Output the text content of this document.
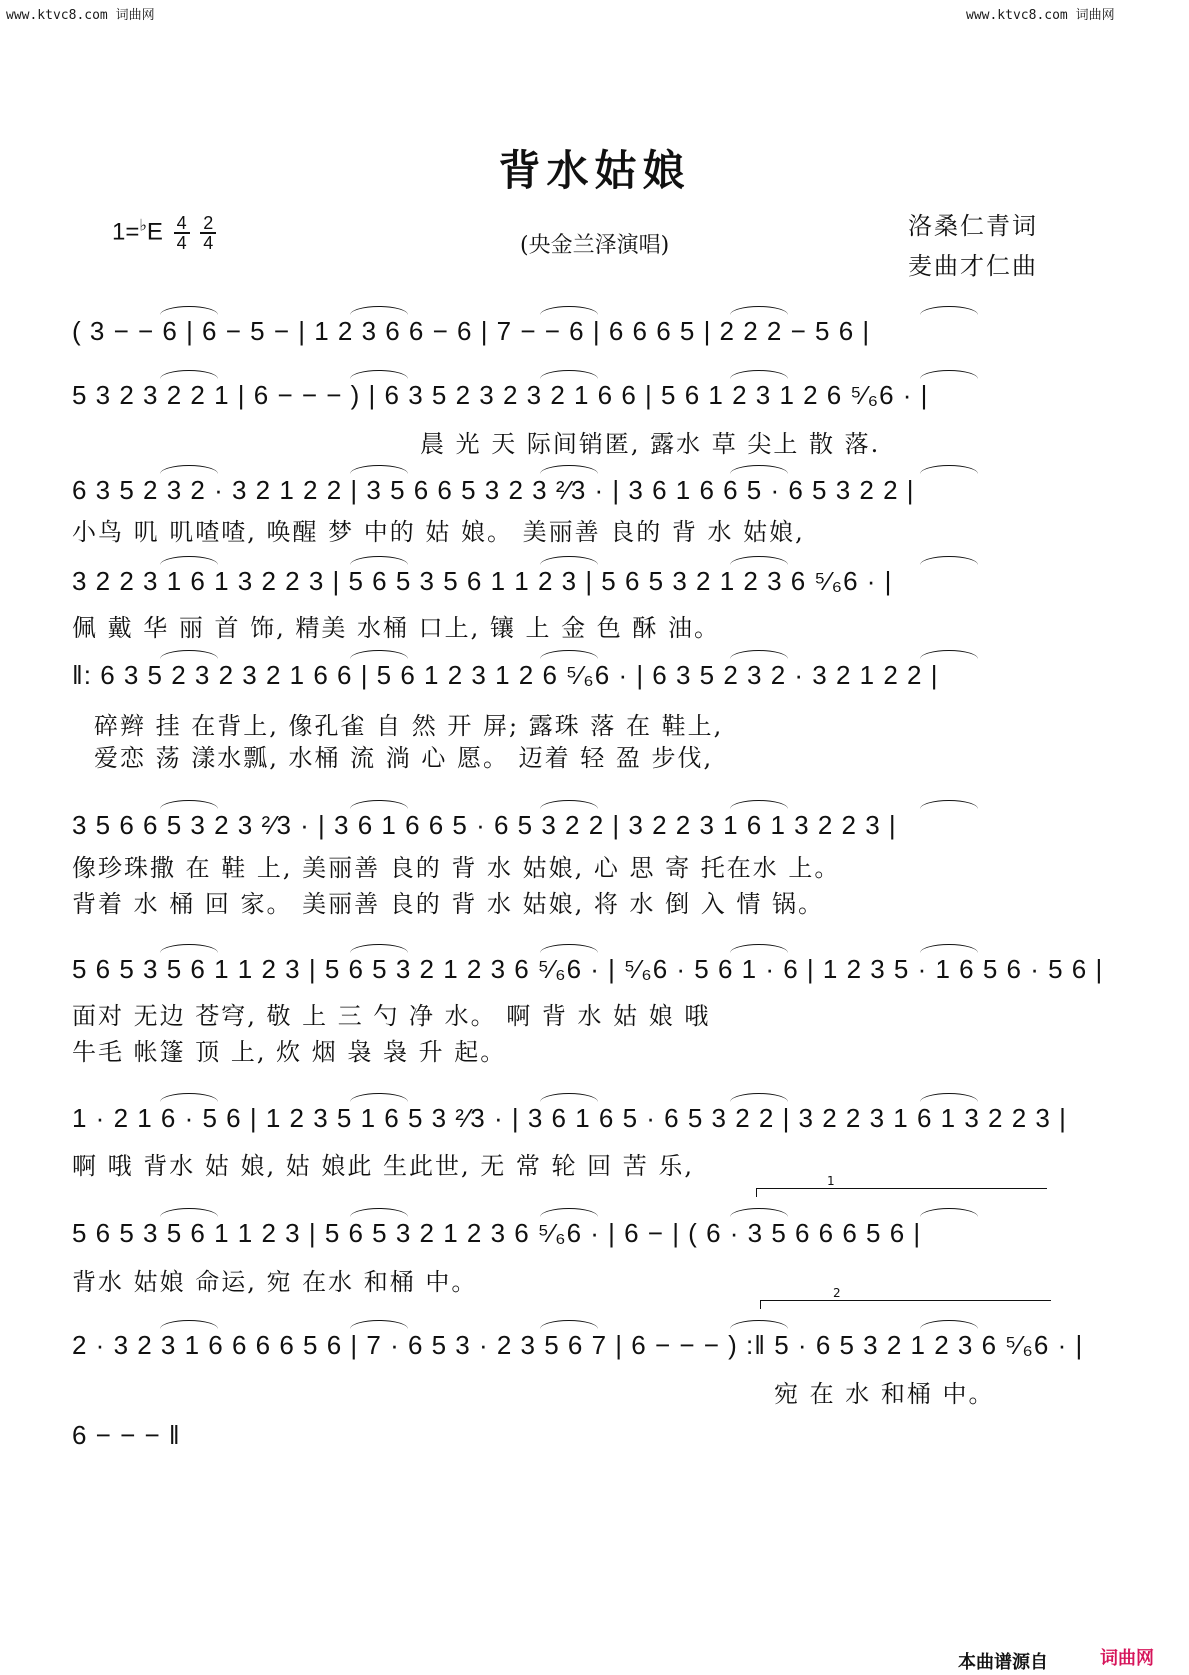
www.ktvc8.com 词曲网	www.ktvc8.com 词曲网
背水姑娘
$1=^♭E \frac{4}{4}$
$\frac{2}{4}$	(央金兰泽演唱)
洛桑仁青词
麦曲才仁曲
( 3 − − 6 | 6 − 5 − | 1 2 3 6 6 − 6 | 7 − − 6 | 6 6 6 5 | 2 2 2 − 5 6 |
5 3 2 3 2 2 1 | 6 − − − ) | 6 3 5 2 3 2 3 2 1 6 6 | 5 6 1 2 3 1 2 6 ⁵⁄₆6 · |
晨 光 天 际间销匿, 露水 草 尖上 散 落.
6 3 5 2 3 2 · 3 2 1 2 2 | 3 5 6 6 5 3 2 3 ²⁄3 · | 3 6 1 6 6 5 · 6 5 3 2 2 |
小鸟 叽 叽喳喳, 唤醒 梦 中的 姑 娘。 美丽善 良的 背 水 姑娘,
3 2 2 3 1 6 1 3 2 2 3 | 5 6 5 3 5 6 1 1 2 3 | 5 6 5 3 2 1 2 3 6 ⁵⁄₆6 · |
佩 戴 华 丽 首 饰, 精美 水桶 口上, 镶 上 金 色 酥 油。
‖: 6 3 5 2 3 2 3 2 1 6 6 | 5 6 1 2 3 1 2 6 ⁵⁄₆6 · | 6 3 5 2 3 2 · 3 2 1 2 2 |
碎辫 挂 在背上, 像孔雀 自 然 开 屏; 露珠 落 在 鞋上,
爱恋 荡 漾水瓢, 水桶 流 淌 心 愿。 迈着 轻 盈 步伐,
3 5 6 6 5 3 2 3 ²⁄3 · | 3 6 1 6 6 5 · 6 5 3 2 2 | 3 2 2 3 1 6 1 3 2 2 3 |
像珍珠撒 在 鞋 上, 美丽善 良的 背 水 姑娘, 心 思 寄 托在水 上。
背着 水 桶 回 家。 美丽善 良的 背 水 姑娘, 将 水 倒 入 情 锅。
5 6 5 3 5 6 1 1 2 3 | 5 6 5 3 2 1 2 3 6 ⁵⁄₆6 · | ⁵⁄₆6 · 5 6 1 · 6 | 1 2 3 5 · 1 6 5 6 · 5 6 |
面对 无边 苍穹, 敬 上 三 勺 净 水。 啊 背 水 姑 娘 哦
牛毛 帐篷 顶 上, 炊 烟 袅 袅 升 起。
1 · 2 1 6 · 5 6 | 1 2 3 5 1 6 5 3 ²⁄3 · | 3 6 1 6 5 · 6 5 3 2 2 | 3 2 2 3 1 6 1 3 2 2 3 |
啊 哦 背水 姑 娘, 姑 娘此 生此世, 无 常 轮 回 苦 乐,
5 6 5 3 5 6 1 1 2 3 | 5 6 5 3 2 1 2 3 6 ⁵⁄₆6 · | 6 − | ( 6 · 3 5 6 6 6 5 6 |
背水 姑娘 命运, 宛 在水 和桶 中。
2 · 3 2 3 1 6 6 6 6 5 6 | 7 · 6 5 3 · 2 3 5 6 7 | 6 − − − ) :‖ 5 · 6 5 3 2 1 2 3 6 ⁵⁄₆6 · |
宛 在 水 和桶 中。
6 − − − ‖
1
2
本曲谱源自	词曲网
